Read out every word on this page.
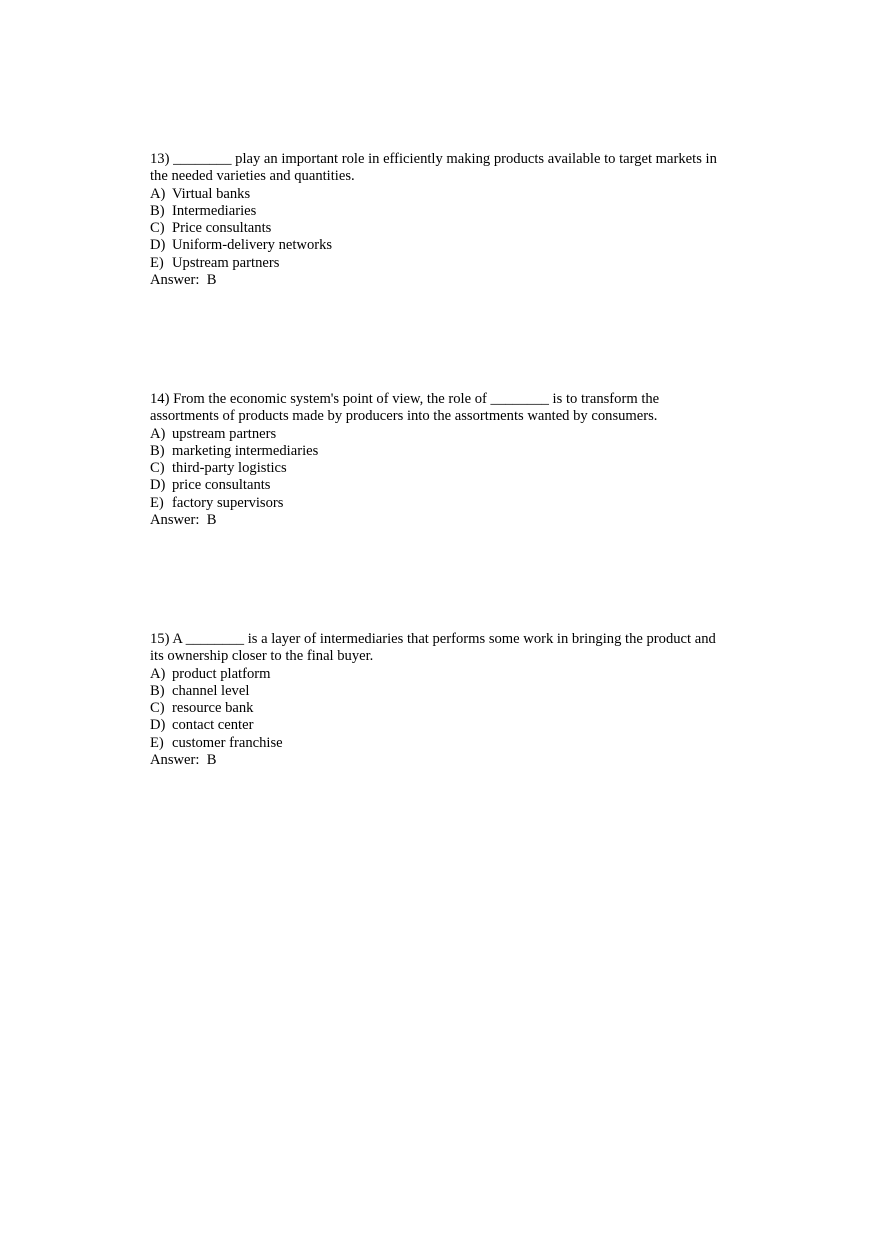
13) ________ play an important role in efficiently making products available to target markets in the needed varieties and quantities.

A) Virtual banks
B) Intermediaries
C) Price consultants
D) Uniform-delivery networks
E) Upstream partners

Answer: B

14) From the economic system's point of view, the role of ________ is to transform the assortments of products made by producers into the assortments wanted by consumers.

A) upstream partners
B) marketing intermediaries
C) third-party logistics
D) price consultants
E) factory supervisors

Answer: B

15) A ________ is a layer of intermediaries that performs some work in bringing the product and its ownership closer to the final buyer.

A) product platform
B) channel level
C) resource bank
D) contact center
E) customer franchise

Answer: B
